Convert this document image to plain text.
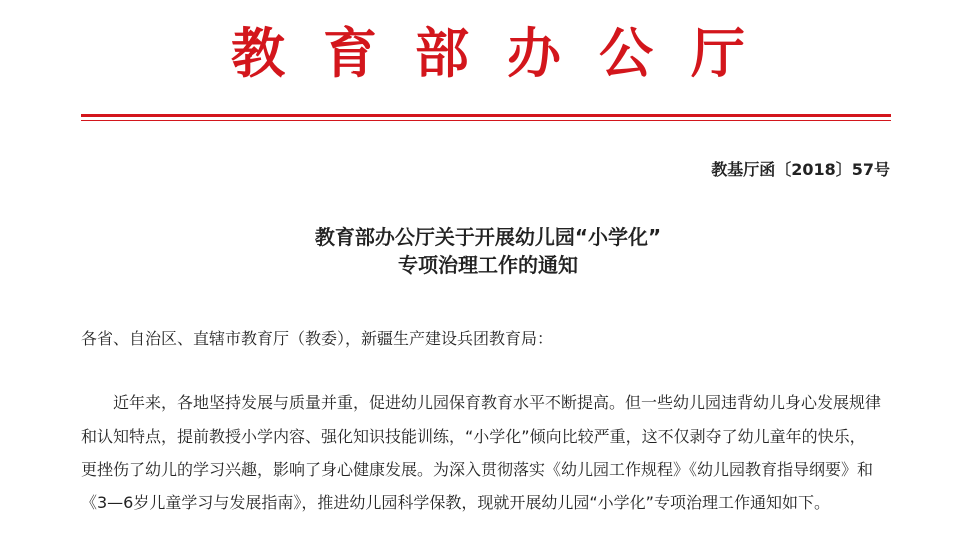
教育部办公厅
教基厅函〔2018〕57号
教育部办公厅关于开展幼儿园“小学化”
专项治理工作的通知
各省、自治区、直辖市教育厅（教委），新疆生产建设兵团教育局：
近年来，各地坚持发展与质量并重，促进幼儿园保育教育水平不断提高。但一些幼儿园违背幼儿身心发展规律
和认知特点，提前教授小学内容、强化知识技能训练，“小学化”倾向比较严重，这不仅剥夺了幼儿童年的快乐，
更挫伤了幼儿的学习兴趣，影响了身心健康发展。为深入贯彻落实《幼儿园工作规程》《幼儿园教育指导纲要》和
《3—6岁儿童学习与发展指南》，推进幼儿园科学保教，现就开展幼儿园“小学化”专项治理工作通知如下。
